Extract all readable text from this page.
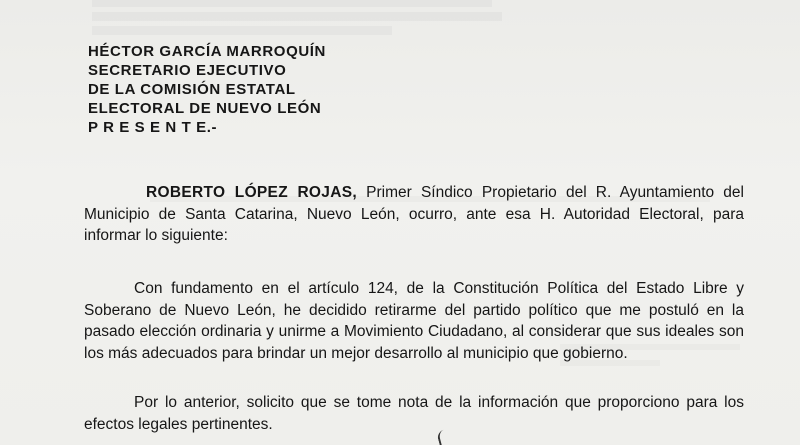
HÉCTOR GARCÍA MARROQUÍN
SECRETARIO EJECUTIVO
DE LA COMISIÓN ESTATAL
ELECTORAL DE NUEVO LEÓN
P R E S E N T E.-
ROBERTO LÓPEZ ROJAS, Primer Síndico Propietario del R. Ayuntamiento del Municipio de Santa Catarina, Nuevo León, ocurro, ante esa H. Autoridad Electoral, para informar lo siguiente:
Con fundamento en el artículo 124, de la Constitución Política del Estado Libre y Soberano de Nuevo León, he decidido retirarme del partido político que me postuló en la pasado elección ordinaria y unirme a Movimiento Ciudadano, al considerar que sus ideales son los más adecuados para brindar un mejor desarrollo al municipio que gobierno.
Por lo anterior, solicito que se tome nota de la información que proporciono para los efectos legales pertinentes.
